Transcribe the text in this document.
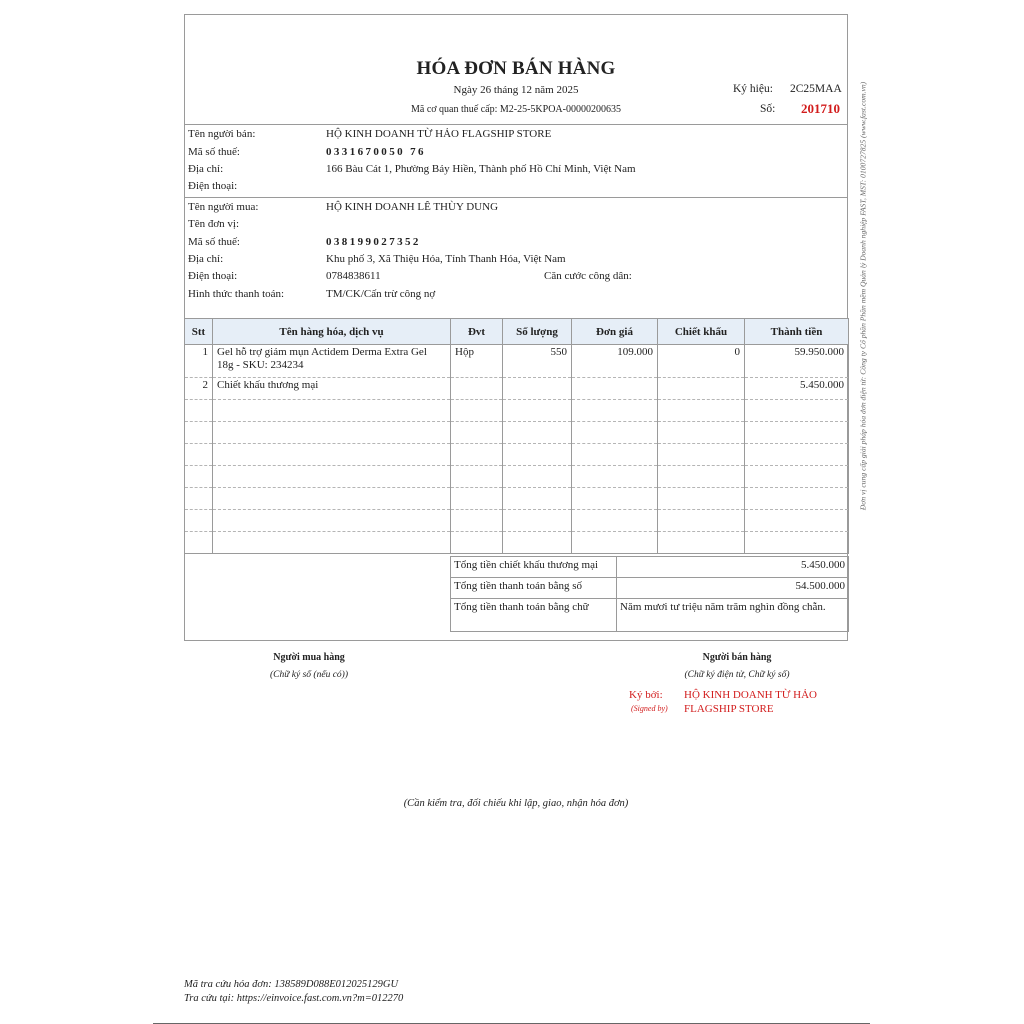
HÓA ĐƠN BÁN HÀNG
Ngày 26 tháng 12 năm 2025
Mã cơ quan thuế cấp: M2-25-5KPOA-00000200635
Ký hiệu: 2C25MAA
Số: 201710
Tên người bán:	HỘ KINH DOANH TỪ HẢO FLAGSHIP STORE
Mã số thuế:	0331670050 76
Địa chỉ:	166 Bàu Cát 1, Phường Bảy Hiền, Thành phố Hồ Chí Minh, Việt Nam
Điện thoại:
Tên người mua:	HỘ KINH DOANH LÊ THÙY DUNG
Tên đơn vị:
Mã số thuế:	038199027352
Địa chỉ:	Khu phố 3, Xã Thiệu Hóa, Tỉnh Thanh Hóa, Việt Nam
Điện thoại:	0784838611	Căn cước công dân:
Hình thức thanh toán:	TM/CK/Cấn trừ công nợ
Stt	Tên hàng hóa, dịch vụ	Đvt	Số lượng	Đơn giá	Chiết khấu	Thành tiền
1	Gel hỗ trợ giảm mụn Actidem Derma Extra Gel 18g - SKU: 234234	Hộp	550	109.000	0	59.950.000
2	Chiết khấu thương mại					5.450.000

Tổng tiền chiết khấu thương mại	5.450.000
Tổng tiền thanh toán bằng số	54.500.000
Tổng tiền thanh toán bằng chữ	Năm mươi tư triệu năm trăm nghìn đồng chẵn.
Người mua hàng
(Chữ ký số (nếu có))
Người bán hàng
(Chữ ký điện tử, Chữ ký số)
Ký bởi:
(Signed by)
HỘ KINH DOANH TỪ HẢO
FLAGSHIP STORE
(Cần kiểm tra, đối chiếu khi lập, giao, nhận hóa đơn)
Đơn vị cung cấp giải pháp hóa đơn điện tử: Công ty Cổ phần Phần mềm Quản lý Doanh nghiệp FAST, MST: 0100727825 (www.fast.com.vn)
Mã tra cứu hóa đơn: 138589D088E012025129GU
Tra cứu tại: https://einvoice.fast.com.vn?m=012270
